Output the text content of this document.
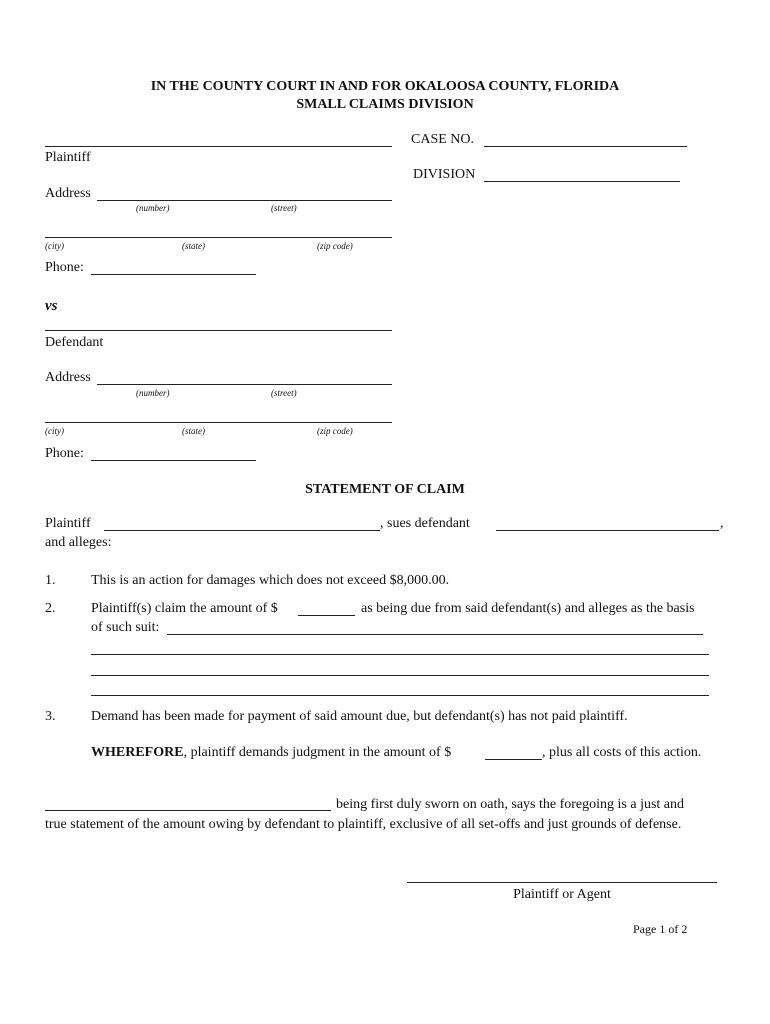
IN THE COUNTY COURT IN AND FOR OKALOOSA COUNTY, FLORIDA
SMALL CLAIMS DIVISION
CASE NO.
Plaintiff
DIVISION
Address
(number)	(street)
(city)	(state)	(zip code)
Phone:
vs
Defendant
Address
(number)	(street)
(city)	(state)	(zip code)
Phone:
STATEMENT OF CLAIM
Plaintiff	, sues defendant	,
and alleges:
1.	This is an action for damages which does not exceed $8,000.00.
2.	Plaintiff(s) claim the amount of $	as being due from said defendant(s) and alleges as the basis
of such suit:
3.	Demand has been made for payment of said amount due, but defendant(s) has not paid plaintiff.
WHEREFORE, plaintiff demands judgment in the amount of $	, plus all costs of this action.
being first duly sworn on oath, says the foregoing is a just and
true statement of the amount owing by defendant to plaintiff, exclusive of all set-offs and just grounds of defense.
Plaintiff or Agent
Page 1 of 2
